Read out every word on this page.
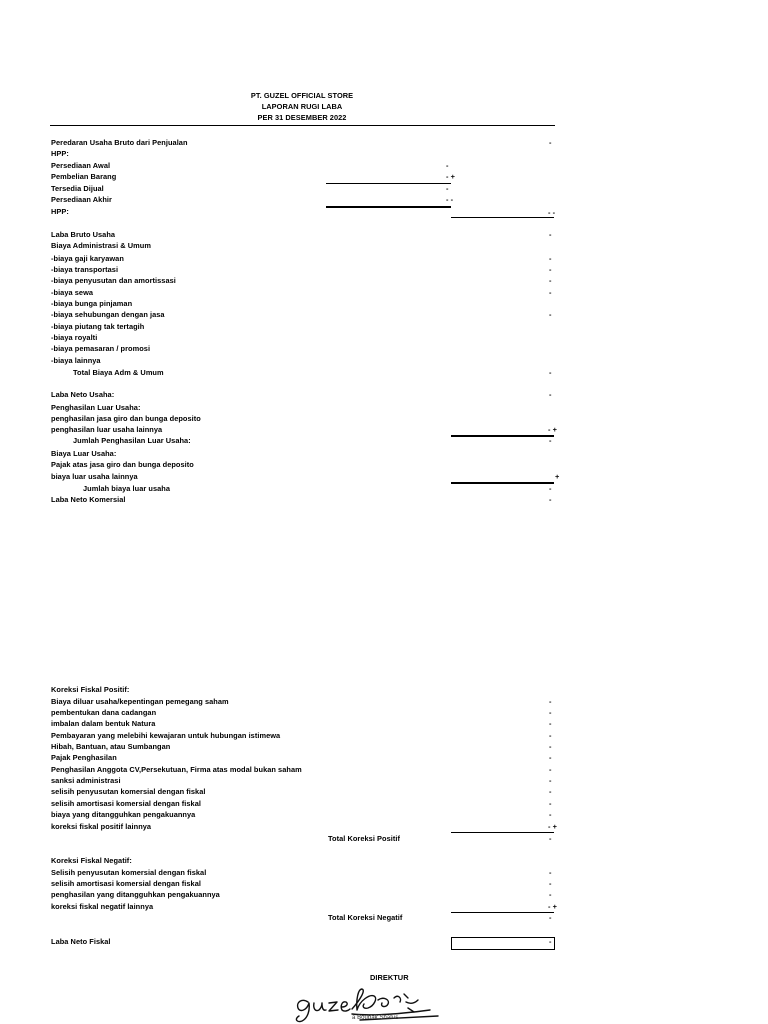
PT. GUZEL OFFICIAL STORE
LAPORAN RUGI LABA
PER 31 DESEMBER 2022
Peredaran Usaha Bruto dari Penjualan	-
HPP:
Persediaan Awal	-
Pembelian Barang	- +
Tersedia Dijual	-
Persediaan Akhir	- -
HPP:	- -
Laba Bruto Usaha	-
Biaya Administrasi & Umum
-biaya gaji karyawan	-
-biaya transportasi	-
-biaya penyusutan dan amortissasi	-
-biaya sewa	-
-biaya bunga pinjaman
-biaya sehubungan dengan jasa	-
-biaya piutang tak tertagih
-biaya royalti
-biaya pemasaran / promosi
-biaya lainnya
Total Biaya Adm & Umum	-
Laba Neto Usaha:	-
Penghasilan Luar Usaha:
penghasilan jasa giro dan bunga deposito
penghasilan luar usaha lainnya	- +
Jumlah Penghasilan Luar Usaha:	-
Biaya Luar Usaha:
Pajak atas jasa giro dan bunga deposito
biaya luar usaha lainnya	+
Jumlah biaya luar usaha	-
Laba Neto Komersial	-
Koreksi Fiskal Positif:
Biaya diluar usaha/kepentingan pemegang saham	-
pembentukan dana cadangan	-
imbalan dalam bentuk Natura	-
Pembayaran yang melebihi kewajaran untuk hubungan istimewa	-
Hibah, Bantuan, atau Sumbangan	-
Pajak Penghasilan	-
Penghasilan Anggota CV,Persekutuan, Firma atas modal bukan saham	-
sanksi administrasi	-
selisih penyusutan komersial dengan fiskal	-
selisih amortisasi komersial dengan fiskal	-
biaya yang ditangguhkan pengakuannya	-
koreksi fiskal positif lainnya	- +
Total Koreksi Positif	-
Koreksi Fiskal Negatif:
Selisih penyusutan komersial dengan fiskal	-
selisih amortisasi komersial dengan fiskal	-
penghasilan yang ditangguhkan pengakuannya	-
koreksi fiskal negatif lainnya	- +
Total Koreksi Negatif	-
Laba Neto Fiskal	-
DIREKTUR
a Boubak Shatus
